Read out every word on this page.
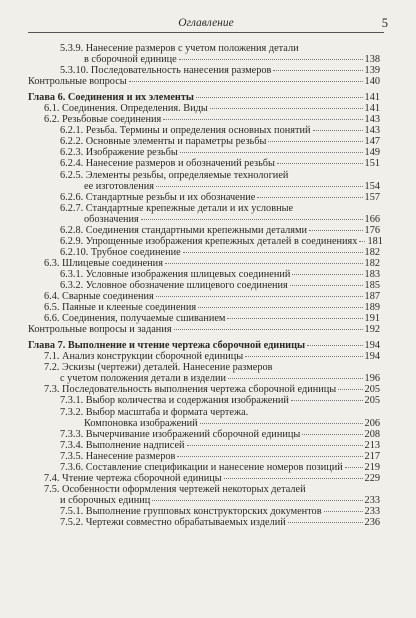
Оглавление	5
5.3.9. Нанесение размеров с учетом положения детали
в сборочной единице	138
5.3.10. Последовательность нанесения размеров	139
Контрольные вопросы	140
Глава 6. Соединения и их элементы	141
6.1. Соединения. Определения. Виды	141
6.2. Резьбовые соединения	143
6.2.1. Резьба. Термины и определения основных понятий	143
6.2.2. Основные элементы и параметры резьбы	147
6.2.3. Изображение резьбы	149
6.2.4. Нанесение размеров и обозначений резьбы	151
6.2.5. Элементы резьбы, определяемые технологией
ее изготовления	154
6.2.6. Стандартные резьбы и их обозначение	157
6.2.7. Стандартные крепежные детали и их условные
обозначения	166
6.2.8. Соединения стандартными крепежными деталями	176
6.2.9. Упрощенные изображения крепежных деталей в соединениях 181
6.2.10. Трубное соединение	182
6.3. Шлицевые соединения	182
6.3.1. Условные изображения шлицевых соединений	183
6.3.2. Условное обозначение шлицевого соединения	185
6.4. Сварные соединения	187
6.5. Паяные и клееные соединения	189
6.6. Соединения, получаемые сшиванием	191
Контрольные вопросы и задания	192
Глава 7. Выполнение и чтение чертежа сборочной единицы	194
7.1. Анализ конструкции сборочной единицы	194
7.2. Эскизы (чертежи) деталей. Нанесение размеров
с учетом положения детали в изделии	196
7.3. Последовательность выполнения чертежа сборочной единицы	205
7.3.1. Выбор количества и содержания изображений	205
7.3.2. Выбор масштаба и формата чертежа.
Компоновка изображений	206
7.3.3. Вычерчивание изображений сборочной единицы	208
7.3.4. Выполнение надписей	213
7.3.5. Нанесение размеров	217
7.3.6. Составление спецификации и нанесение номеров позиций 219
7.4. Чтение чертежа сборочной единицы	229
7.5. Особенности оформления чертежей некоторых деталей
и сборочных единиц	233
7.5.1. Выполнение групповых конструкторских документов	233
7.5.2. Чертежи совместно обрабатываемых изделий	236
